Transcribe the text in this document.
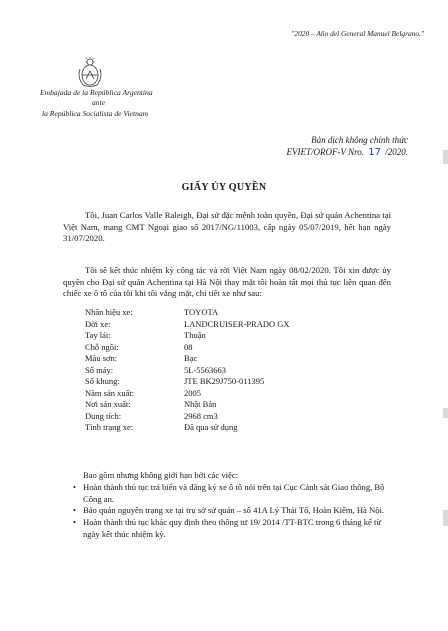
"2020 – Año del General Manuel Belgrano."
Embajada de la República Argentina
ante
la República Socialista de Vietnam
Bản dịch không chính thức
EVIET/OROF-V Nro. 17 /2020.
GIẤY ỦY QUYỀN
Tôi, Juan Carlos Valle Raleigh, Đại sứ đặc mệnh toàn quyền, Đại sứ quán Achentina tại Việt Nam, mang CMT Ngoại giao số 2017/NG/11003, cấp ngày 05/07/2019, hết hạn ngày 31/07/2020.
Tôi sẽ kết thúc nhiệm kỳ công tác và rời Việt Nam ngày 08/02/2020. Tôi xin được ủy quyền cho Đại sứ quán Achentina tại Hà Nội thay mặt tôi hoàn tất mọi thủ tục liên quan đến chiếc xe ô tô của tôi khi tôi vắng mặt, chi tiết xe như sau:
Nhãn hiệu xe:	TOYOTA
Đời xe:	LANDCRUISER-PRADO GX
Tay lái:	Thuận
Chỗ ngồi:	08
Màu sơn:	Bạc
Số máy:	5L-5563663
Số khung:	JTE BK29J750-011395
Năm sản xuất:	2005
Nơi sản xuất:	Nhật Bản
Dung tích:	2968 cm3
Tình trạng xe:	Đã qua sử dụng
Bao gồm nhưng không giới hạn bởi các việc:
• Hoàn thành thủ tục trả biển và đăng ký xe ô tô nói trên tại Cục Cảnh sát Giao thông, Bộ Công an.
• Bảo quản nguyên trạng xe tại trụ sở sứ quán – số 41A Lý Thái Tổ, Hoàn Kiếm, Hà Nội.
• Hoàn thành thủ tục khác quy định theo thông tư 19/ 2014 /TT-BTC trong 6 tháng kể từ ngày kết thúc nhiệm kỳ.
